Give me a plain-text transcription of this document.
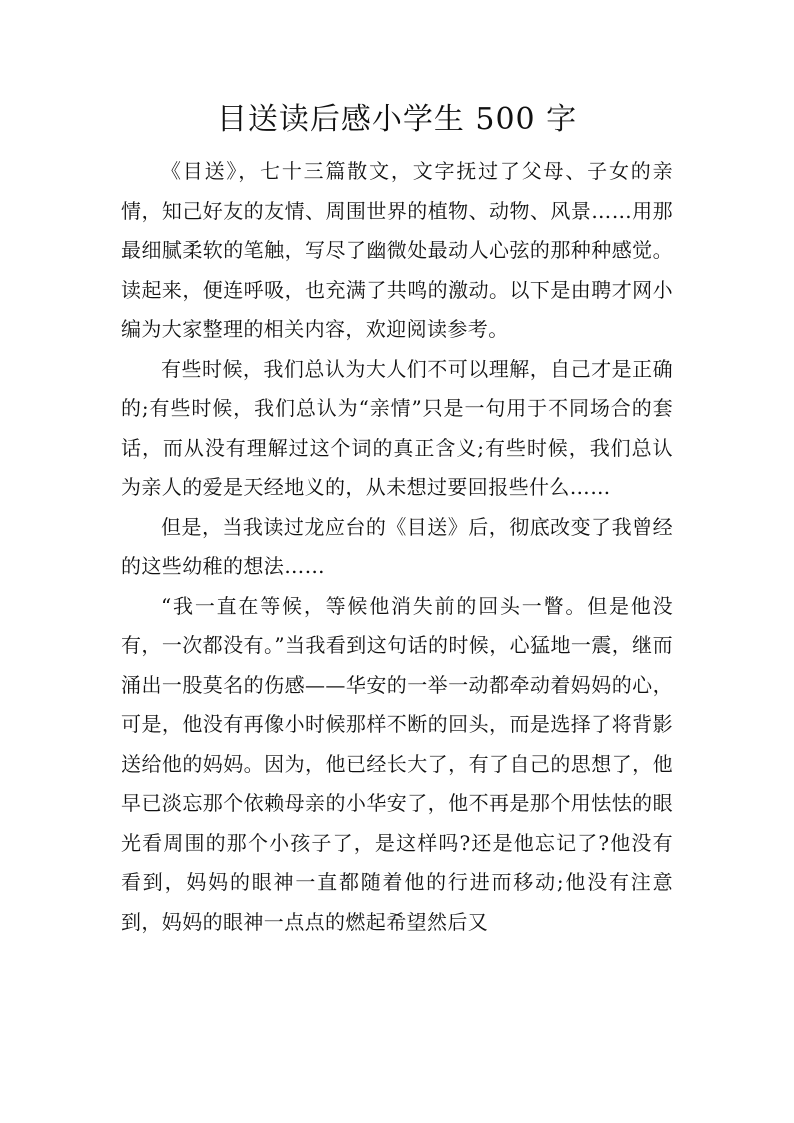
目送读后感小学生 500 字

《目送》，七十三篇散文，文字抚过了父母、子女的亲情，知己好友的友情、周围世界的植物、动物、风景……用那最细腻柔软的笔触，写尽了幽微处最动人心弦的那种种感觉。读起来，便连呼吸，也充满了共鸣的激动。以下是由聘才网小编为大家整理的相关内容，欢迎阅读参考。

有些时候，我们总认为大人们不可以理解，自己才是正确的;有些时候，我们总认为“亲情”只是一句用于不同场合的套话，而从没有理解过这个词的真正含义;有些时候，我们总认为亲人的爱是天经地义的，从未想过要回报些什么……

但是，当我读过龙应台的《目送》后，彻底改变了我曾经的这些幼稚的想法……

“我一直在等候，等候他消失前的回头一瞥。但是他没有，一次都没有。”当我看到这句话的时候，心猛地一震，继而涌出一股莫名的伤感——华安的一举一动都牵动着妈妈的心，可是，他没有再像小时候那样不断的回头，而是选择了将背影送给他的妈妈。因为，他已经长大了，有了自己的思想了，他早已淡忘那个依赖母亲的小华安了，他不再是那个用怯怯的眼光看周围的那个小孩子了，是这样吗?还是他忘记了?他没有看到，妈妈的眼神一直都随着他的行进而移动;他没有注意到，妈妈的眼神一点点的燃起希望然后又
